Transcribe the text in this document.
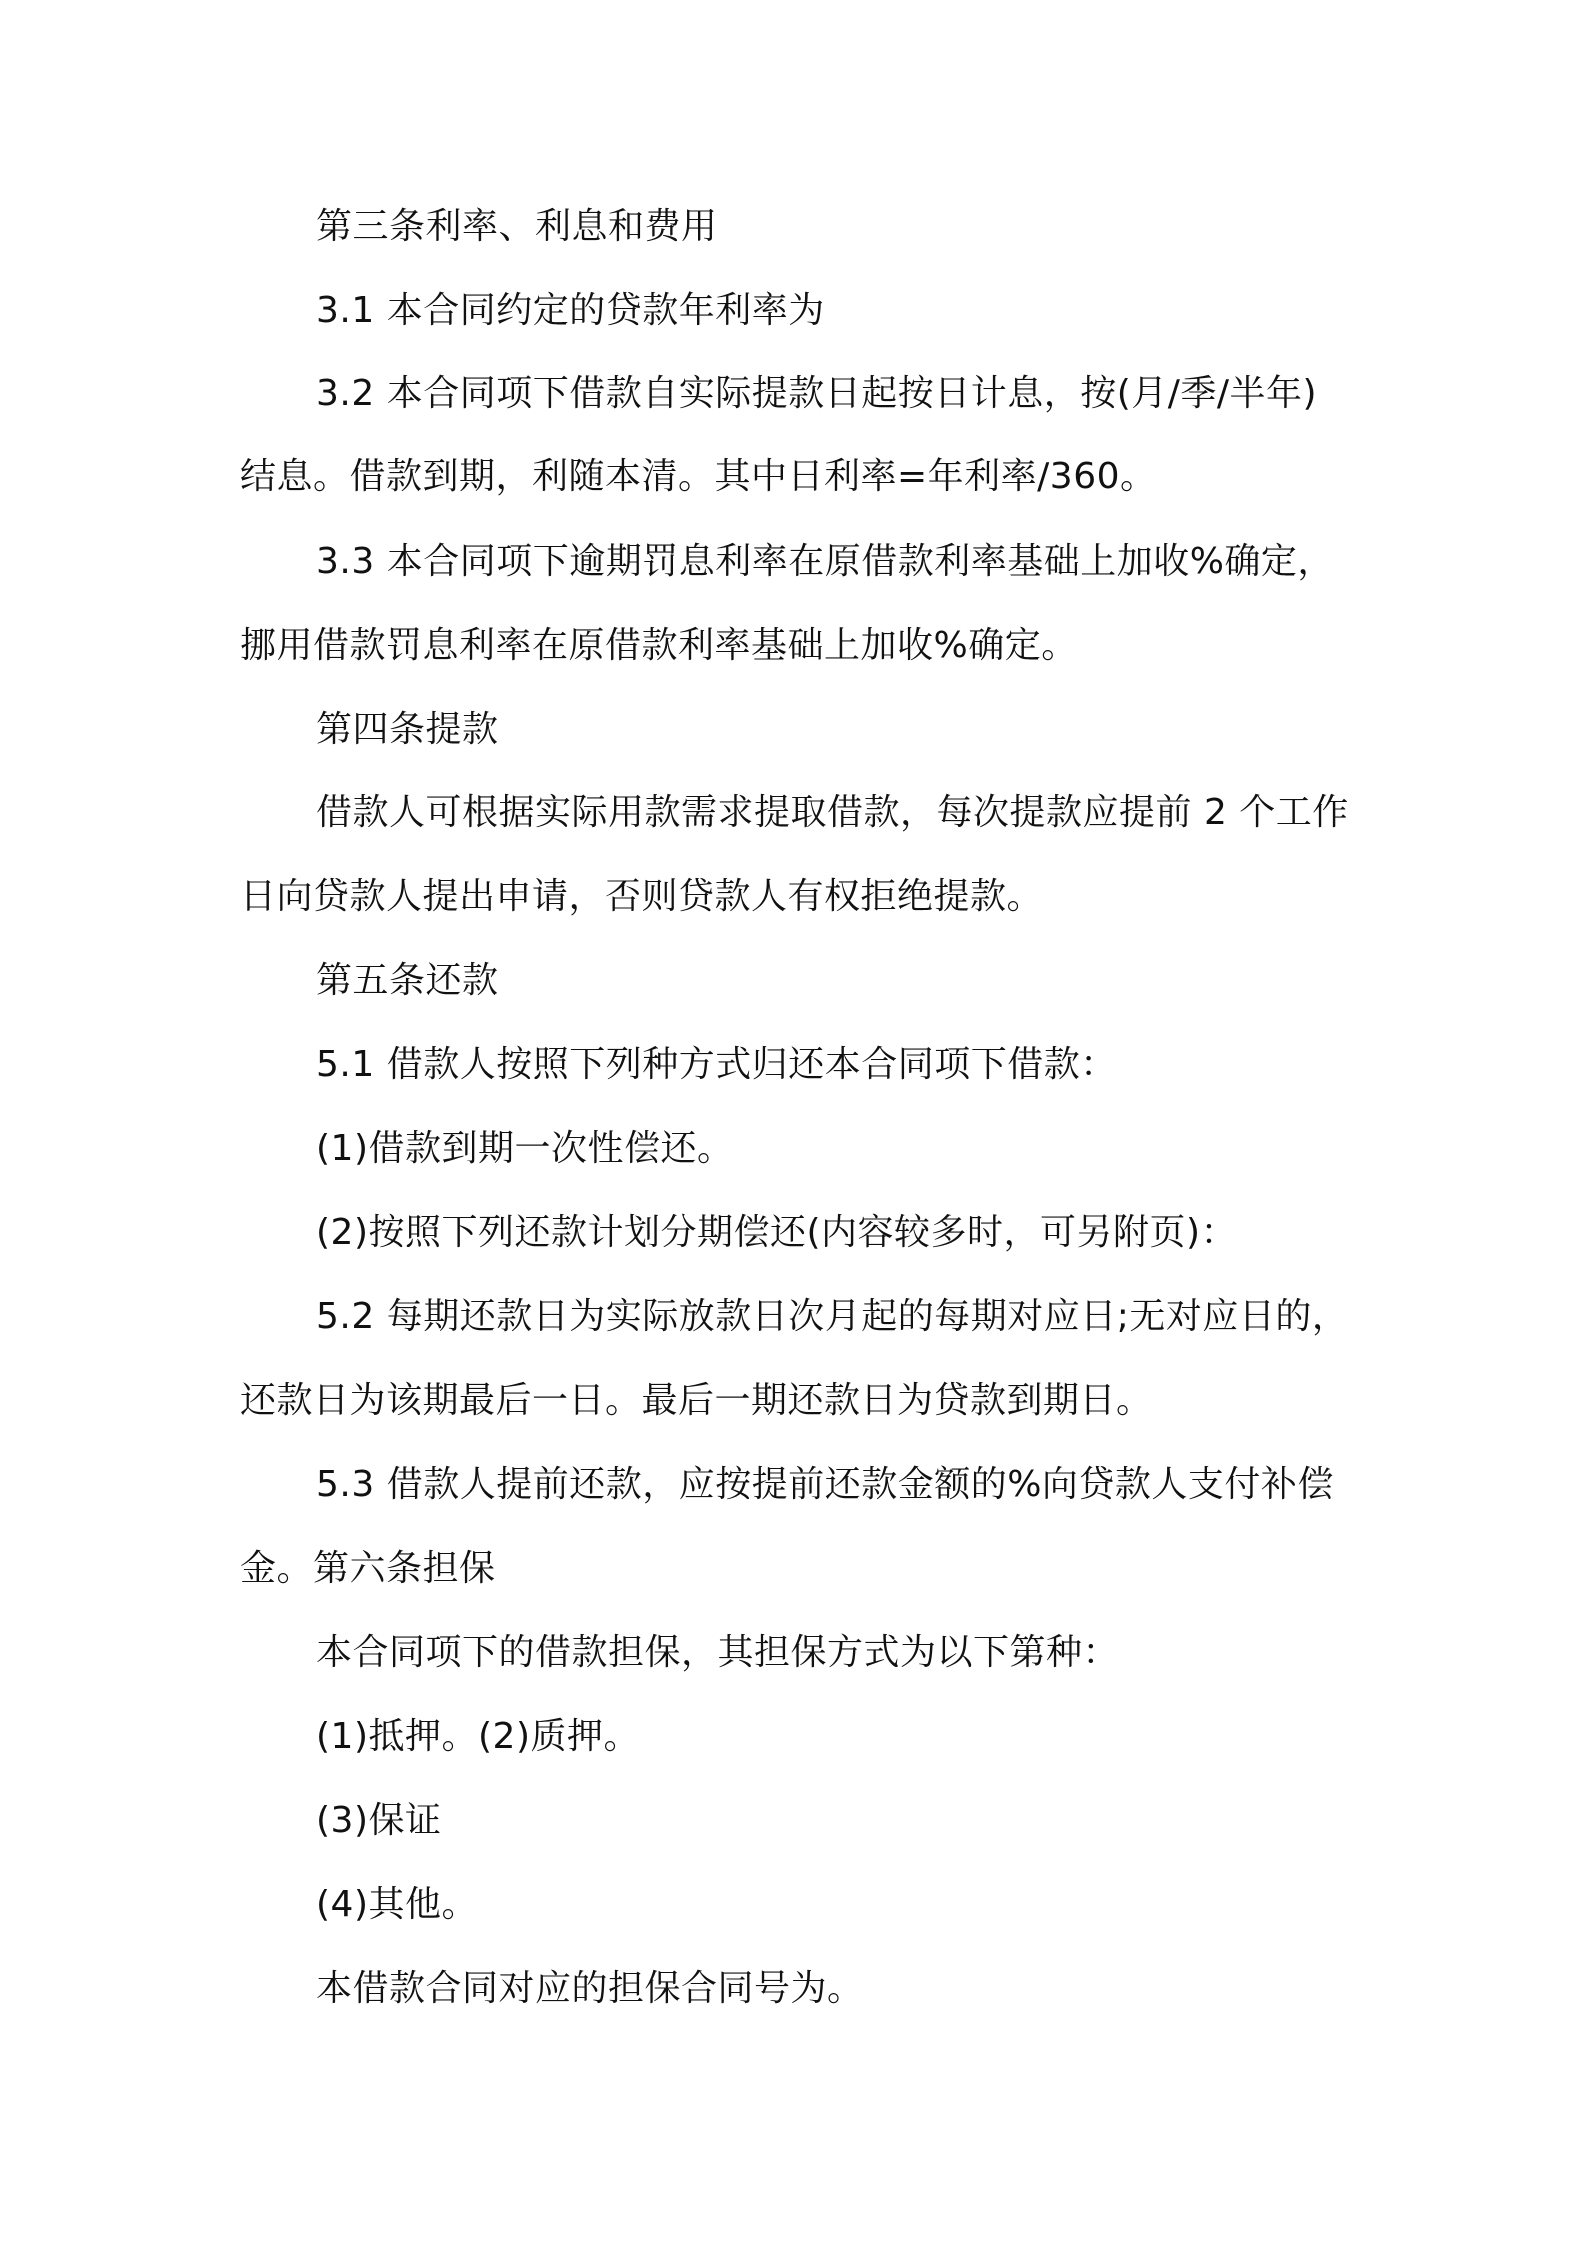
第三条利率、利息和费用
3.1 本合同约定的贷款年利率为
3.2 本合同项下借款自实际提款日起按日计息，按(月/季/半年)
结息。借款到期，利随本清。其中日利率=年利率/360。
3.3 本合同项下逾期罚息利率在原借款利率基础上加收%确定，
挪用借款罚息利率在原借款利率基础上加收%确定。
第四条提款
借款人可根据实际用款需求提取借款，每次提款应提前 2 个工作
日向贷款人提出申请，否则贷款人有权拒绝提款。
第五条还款
5.1 借款人按照下列种方式归还本合同项下借款：
(1)借款到期一次性偿还。
(2)按照下列还款计划分期偿还(内容较多时，可另附页)：
5.2 每期还款日为实际放款日次月起的每期对应日;无对应日的，
还款日为该期最后一日。最后一期还款日为贷款到期日。
5.3 借款人提前还款，应按提前还款金额的%向贷款人支付补偿
金。第六条担保
本合同项下的借款担保，其担保方式为以下第种：
(1)抵押。(2)质押。
(3)保证
(4)其他。
本借款合同对应的担保合同号为。
